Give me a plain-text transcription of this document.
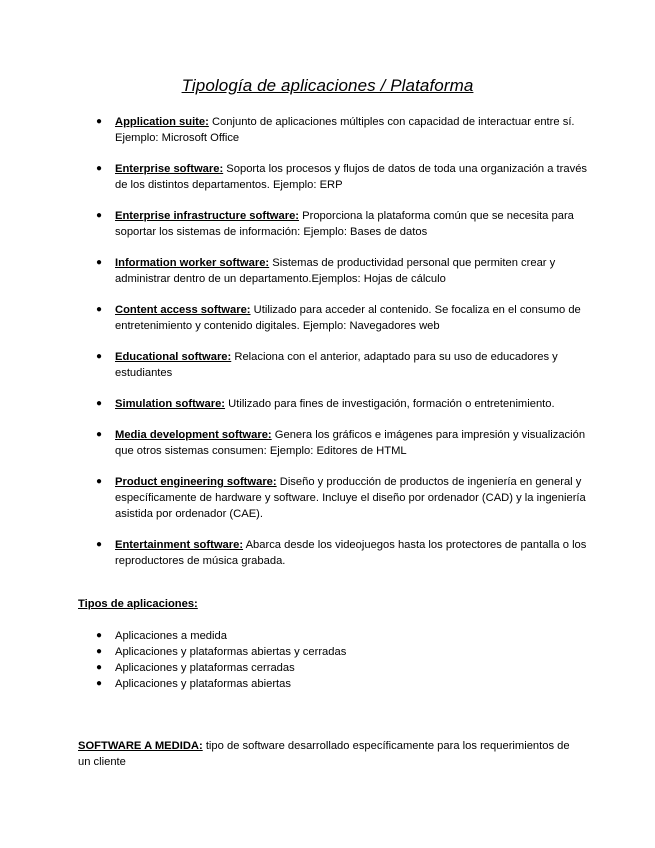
Tipología de aplicaciones / Plataforma
● Application suite: Conjunto de aplicaciones múltiples con capacidad de interactuar entre sí. Ejemplo: Microsoft Office
● Enterprise software: Soporta los procesos y flujos de datos de toda una organización a través de los distintos departamentos. Ejemplo: ERP
● Enterprise infrastructure software: Proporciona la plataforma común que se necesita para soportar los sistemas de información: Ejemplo: Bases de datos
● Information worker software: Sistemas de productividad personal que permiten crear y administrar dentro de un departamento.Ejemplos: Hojas de cálculo
● Content access software: Utilizado para acceder al contenido. Se focaliza en el consumo de entretenimiento y contenido digitales. Ejemplo: Navegadores web
● Educational software: Relaciona con el anterior, adaptado para su uso de educadores y estudiantes
● Simulation software: Utilizado para fines de investigación, formación o entretenimiento.
● Media development software: Genera los gráficos e imágenes para impresión y visualización que otros sistemas consumen: Ejemplo: Editores de HTML
● Product engineering software: Diseño y producción de productos de ingeniería en general y específicamente de hardware y software. Incluye el diseño por ordenador (CAD) y la ingeniería asistida por ordenador (CAE).
● Entertainment software: Abarca desde los videojuegos hasta los protectores de pantalla o los reproductores de música grabada.
Tipos de aplicaciones:
● Aplicaciones a medida
● Aplicaciones y plataformas abiertas y cerradas
● Aplicaciones y plataformas cerradas
● Aplicaciones y plataformas abiertas

SOFTWARE A MEDIDA: tipo de software desarrollado específicamente para los requerimientos de un cliente
